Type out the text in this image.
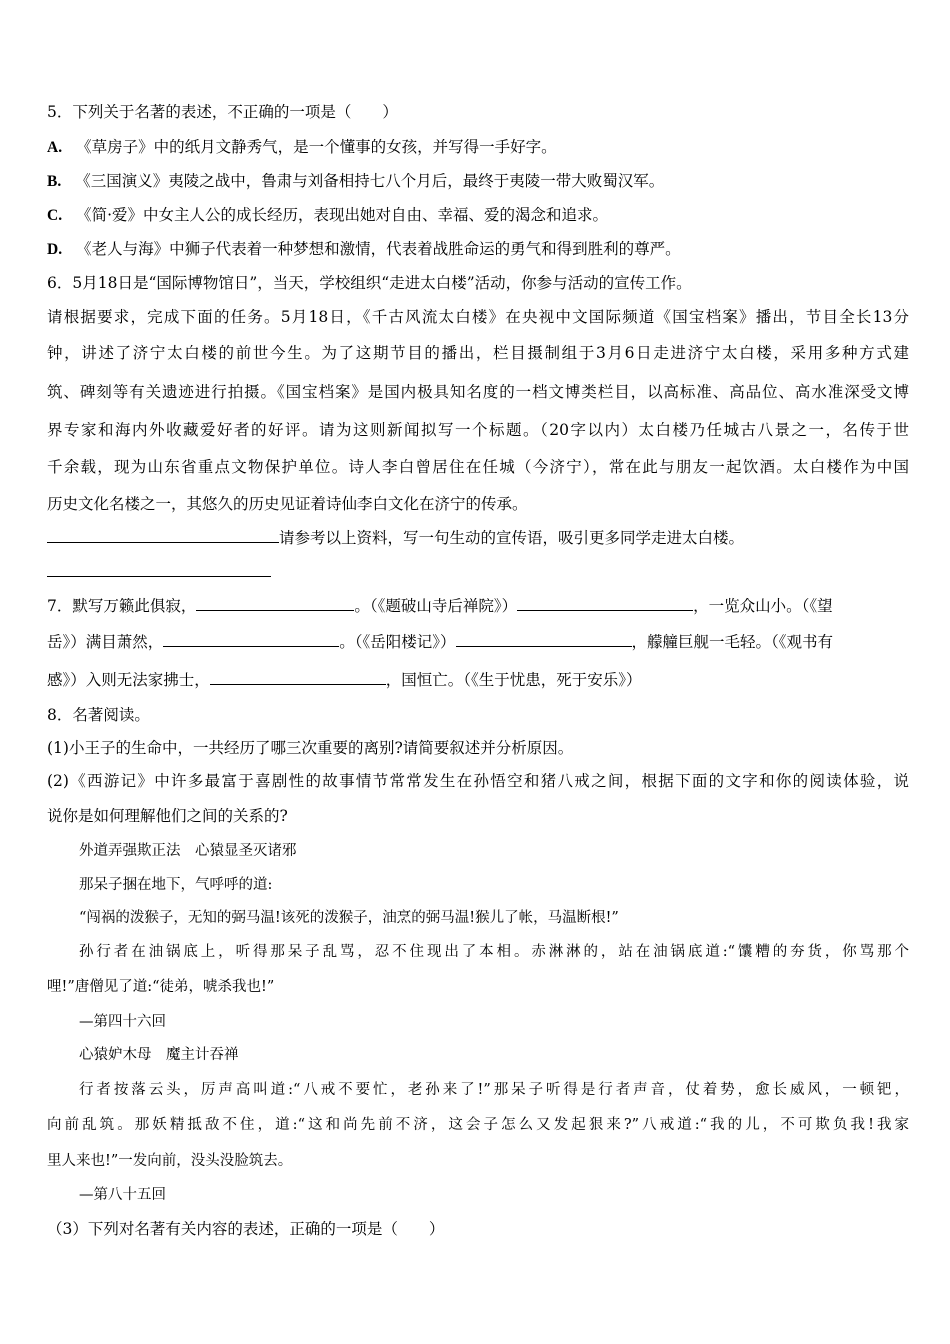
5．下列关于名著的表述，不正确的一项是（　　）
A. 《草房子》中的纸月文静秀气，是一个懂事的女孩，并写得一手好字。
B. 《三国演义》夷陵之战中，鲁肃与刘备相持七八个月后，最终于夷陵一带大败蜀汉军。
C. 《简·爱》中女主人公的成长经历，表现出她对自由、幸福、爱的渴念和追求。
D. 《老人与海》中狮子代表着一种梦想和激情，代表着战胜命运的勇气和得到胜利的尊严。
6．5月18日是“国际博物馆日”，当天，学校组织“走进太白楼”活动，你参与活动的宣传工作。
请根据要求，完成下面的任务。5月18日，《千古风流太白楼》在央视中文国际频道《国宝档案》播出，节目全长13分
钟，讲述了济宁太白楼的前世今生。为了这期节目的播出，栏目摄制组于3月6日走进济宁太白楼，采用多种方式建
筑、碑刻等有关遗迹进行拍摄。《国宝档案》是国内极具知名度的一档文博类栏目，以高标准、高品位、高水准深受文博
界专家和海内外收藏爱好者的好评。请为这则新闻拟写一个标题。（20字以内）太白楼乃任城古八景之一，名传于世
千余载，现为山东省重点文物保护单位。诗人李白曾居住在任城（今济宁），常在此与朋友一起饮酒。太白楼作为中国
历史文化名楼之一，其悠久的历史见证着诗仙李白文化在济宁的传承。
请参考以上资料，写一句生动的宣传语，吸引更多同学走进太白楼。
7．默写万籁此俱寂，	。（《题破山寺后禅院》）	，一览众山小。（《望
岳》）满目萧然，	。（《岳阳楼记》）	，艨艟巨舰一毛轻。（《观书有
感》）入则无法家拂士，	，国恒亡。（《生于忧患，死于安乐》）
8．名著阅读。
(1)小王子的生命中，一共经历了哪三次重要的离别?请简要叙述并分析原因。
(2)《西游记》中许多最富于喜剧性的故事情节常常发生在孙悟空和猪八戒之间，根据下面的文字和你的阅读体验，说
说你是如何理解他们之间的关系的?
外道弄强欺正法　心猿显圣灭诸邪
那呆子捆在地下，气呼呼的道:
“闯祸的泼猴子，无知的弼马温!该死的泼猴子，油烹的弼马温!猴儿了帐，马温断根!”
孙行者在油锅底上，听得那呆子乱骂，忍不住现出了本相。赤淋淋的，站在油锅底道:“馕糟的夯货，你骂那个
哩!”唐僧见了道:“徒弟，唬杀我也!”
—第四十六回
心猿妒木母　魔主计吞禅
行者按落云头，厉声高叫道:“八戒不要忙，老孙来了!”那呆子听得是行者声音，仗着势，愈长威风，一顿钯，
向前乱筑。那妖精抵敌不住，道:“这和尚先前不济，这会子怎么又发起狠来?”八戒道:“我的儿，不可欺负我!我家
里人来也!”一发向前，没头没脸筑去。
—第八十五回
（3）下列对名著有关内容的表述，正确的一项是（　　）
